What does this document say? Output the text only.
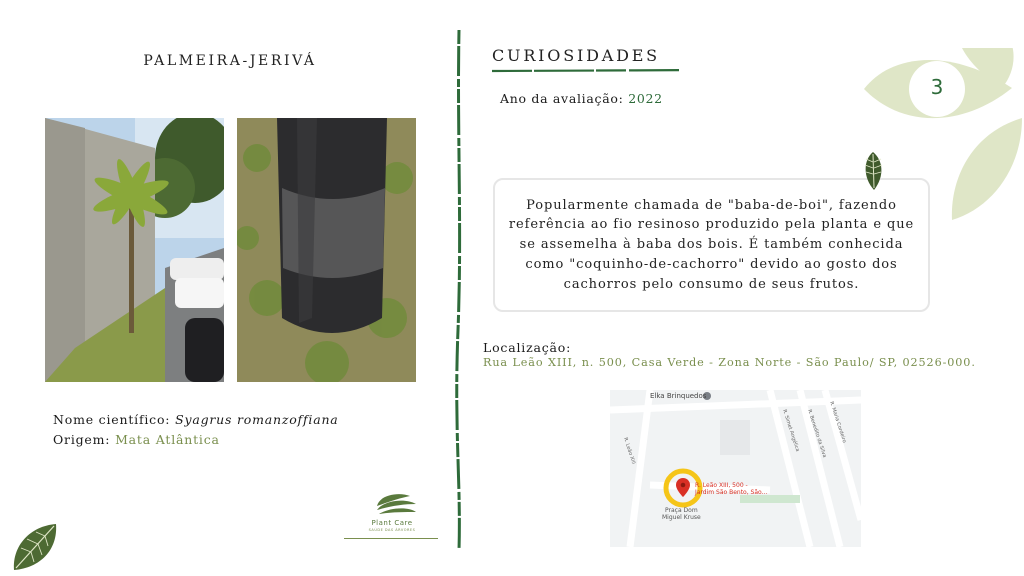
PALMEIRA-JERIVÁ
Nome científico: Syagrus romanzoffiana
Origem: Mata Atlântica
CURIOSIDADES
Ano da avaliação: 2022
Popularmente chamada de "baba-de-boi", fazendo referência ao fio resinoso produzido pela planta e que se assemelha à baba dos bois. É também conhecida como "coquinho-de-cachorro" devido ao gosto dos cachorros pelo consumo de seus frutos.
Localização:
Rua Leão XIII, n. 500, Casa Verde - Zona Norte - São Paulo/ SP, 02526-000.
Elka Brinquedos
R. Leão XIII	R. Simet Angélica R. Benedito da Silva R. Maria Cordeiro
R. Leão XIII, 500 -
Jardim São Bento, São...
Praça Dom
Miguel Kruse
3
Plant Care
SAÚDE DAS ÁRVORES
